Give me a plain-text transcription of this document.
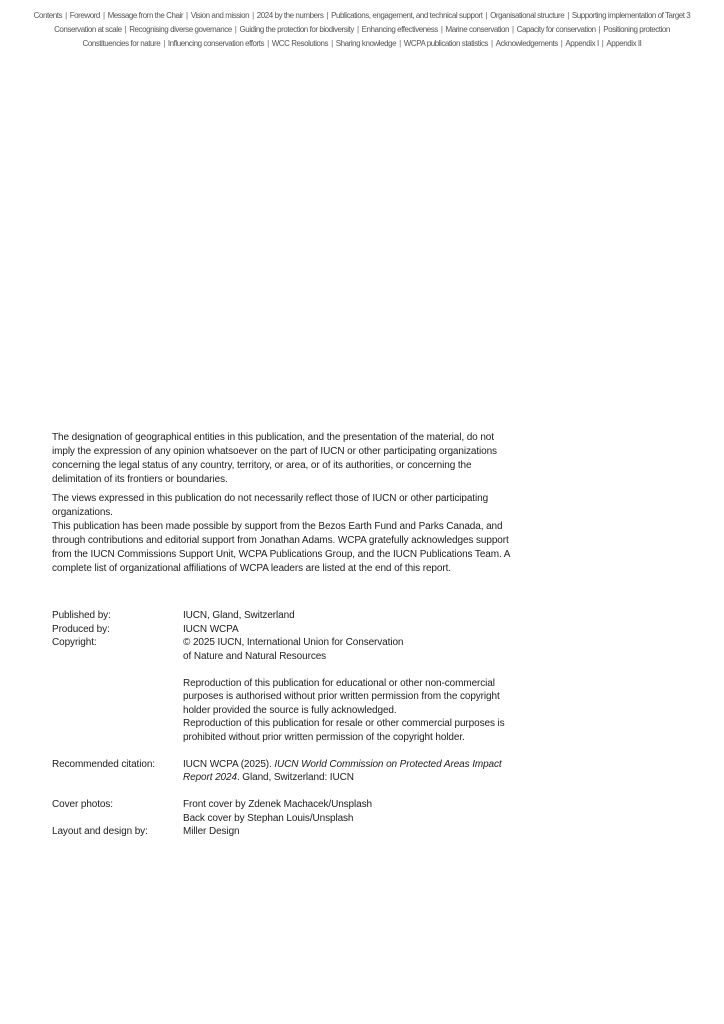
Contents | Foreword | Message from the Chair | Vision and mission | 2024 by the numbers | Publications, engagement, and technical support | Organisational structure | Supporting implementation of Target 3
Conservation at scale | Recognising diverse governance | Guiding the protection for biodiversity | Enhancing effectiveness | Marine conservation | Capacity for conservation | Positioning protection
Constituencies for nature | Influencing conservation efforts | WCC Resolutions | Sharing knowledge | WCPA publication statistics | Acknowledgements | Appendix I | Appendix II

The designation of geographical entities in this publication, and the presentation of the material, do not imply the expression of any opinion whatsoever on the part of IUCN or other participating organizations concerning the legal status of any country, territory, or area, or of its authorities, or concerning the delimitation of its frontiers or boundaries.

The views expressed in this publication do not necessarily reflect those of IUCN or other participating organizations.

This publication has been made possible by support from the Bezos Earth Fund and Parks Canada, and through contributions and editorial support from Jonathan Adams. WCPA gratefully acknowledges support from the IUCN Commissions Support Unit, WCPA Publications Group, and the IUCN Publications Team. A complete list of organizational affiliations of WCPA leaders are listed at the end of this report.

Published by:	IUCN, Gland, Switzerland
Produced by:	IUCN WCPA
Copyright:	© 2025 IUCN, International Union for Conservation
of Nature and Natural Resources
Reproduction of this publication for educational or other non-commercial purposes is authorised without prior written permission from the copyright holder provided the source is fully acknowledged.
Reproduction of this publication for resale or other commercial purposes is prohibited without prior written permission of the copyright holder.
Recommended citation:	IUCN WCPA (2025). IUCN World Commission on Protected Areas Impact Report 2024. Gland, Switzerland: IUCN
Cover photos:	Front cover by Zdenek Machacek/Unsplash
Back cover by Stephan Louis/Unsplash
Layout and design by:	Miller Design
